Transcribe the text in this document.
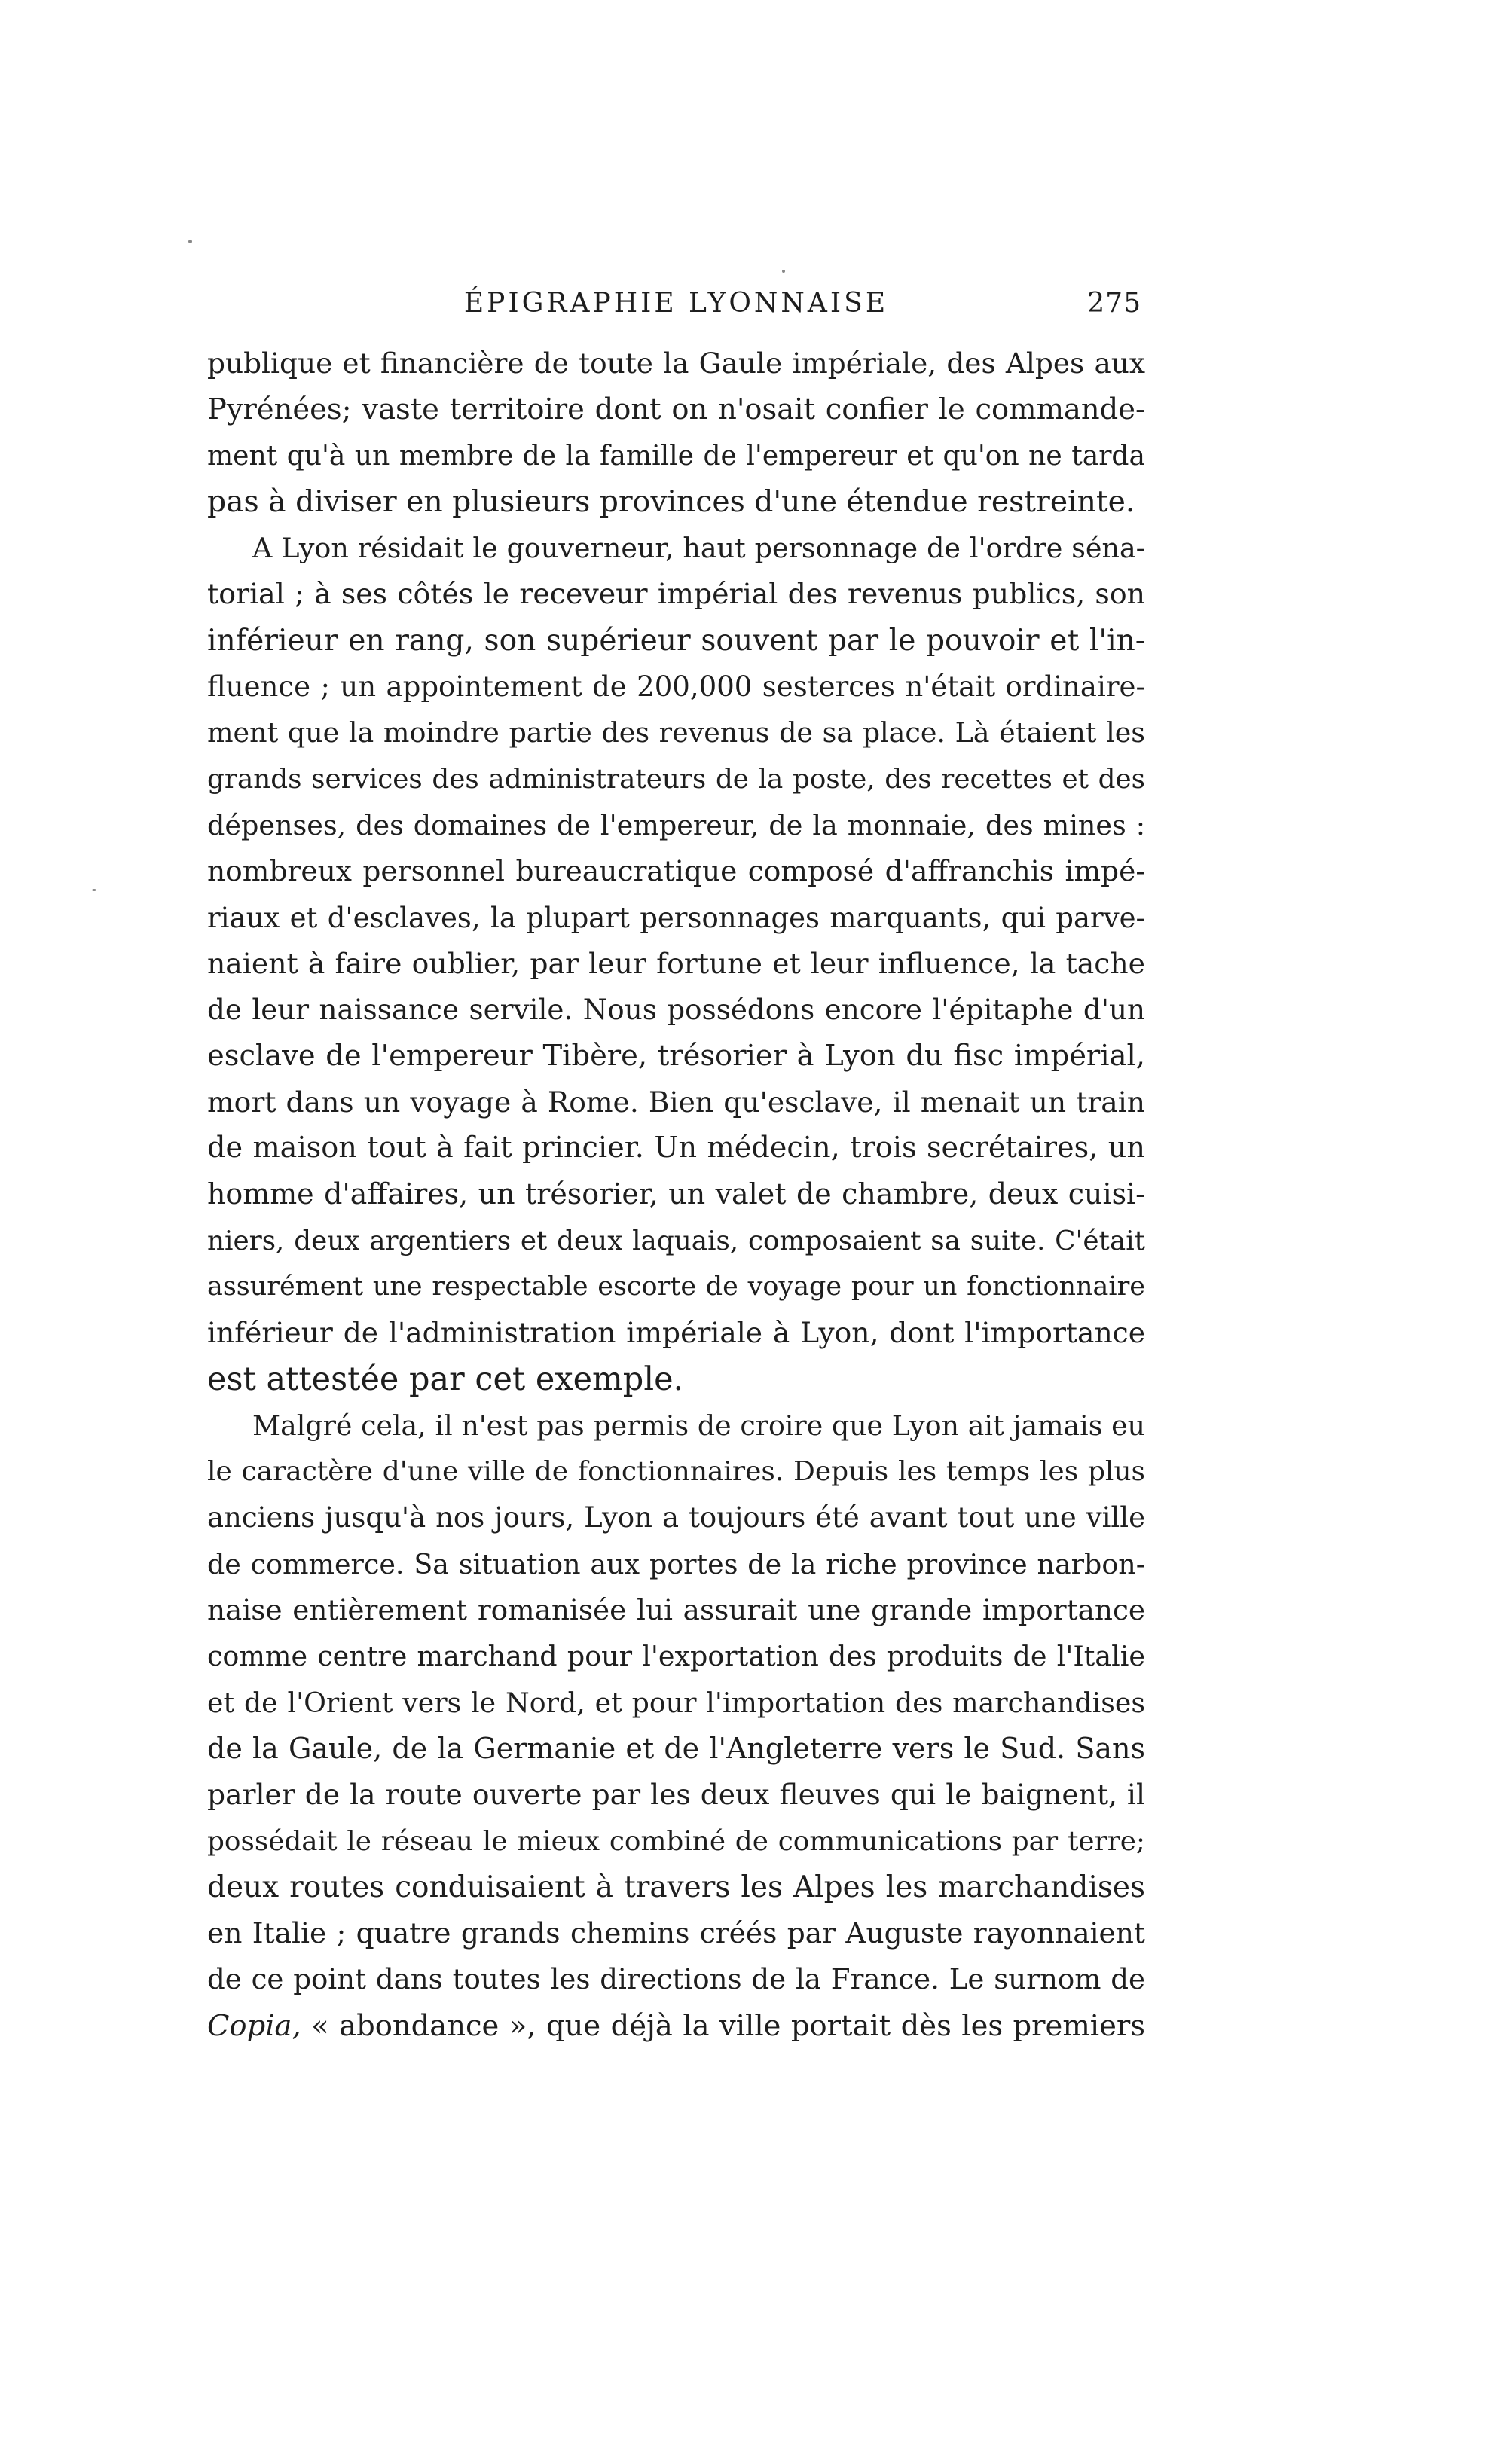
ÉPIGRAPHIE LYONNAISE	275
publique et financière de toute la Gaule impériale, des Alpes aux
Pyrénées; vaste territoire dont on n'osait confier le commande-
ment qu'à un membre de la famille de l'empereur et qu'on ne tarda
pas à diviser en plusieurs provinces d'une étendue restreinte.
A Lyon résidait le gouverneur, haut personnage de l'ordre séna-
torial ; à ses côtés le receveur impérial des revenus publics, son
inférieur en rang, son supérieur souvent par le pouvoir et l'in-
fluence ; un appointement de 200,000 sesterces n'était ordinaire-
ment que la moindre partie des revenus de sa place. Là étaient les
grands services des administrateurs de la poste, des recettes et des
dépenses, des domaines de l'empereur, de la monnaie, des mines :
nombreux personnel bureaucratique composé d'affranchis impé-
riaux et d'esclaves, la plupart personnages marquants, qui parve-
naient à faire oublier, par leur fortune et leur influence, la tache
de leur naissance servile. Nous possédons encore l'épitaphe d'un
esclave de l'empereur Tibère, trésorier à Lyon du fisc impérial,
mort dans un voyage à Rome. Bien qu'esclave, il menait un train
de maison tout à fait princier. Un médecin, trois secrétaires, un
homme d'affaires, un trésorier, un valet de chambre, deux cuisi-
niers, deux argentiers et deux laquais, composaient sa suite. C'était
assurément une respectable escorte de voyage pour un fonctionnaire
inférieur de l'administration impériale à Lyon, dont l'importance
est attestée par cet exemple.
Malgré cela, il n'est pas permis de croire que Lyon ait jamais eu
le caractère d'une ville de fonctionnaires. Depuis les temps les plus
anciens jusqu'à nos jours, Lyon a toujours été avant tout une ville
de commerce. Sa situation aux portes de la riche province narbon-
naise entièrement romanisée lui assurait une grande importance
comme centre marchand pour l'exportation des produits de l'Italie
et de l'Orient vers le Nord, et pour l'importation des marchandises
de la Gaule, de la Germanie et de l'Angleterre vers le Sud. Sans
parler de la route ouverte par les deux fleuves qui le baignent, il
possédait le réseau le mieux combiné de communications par terre;
deux routes conduisaient à travers les Alpes les marchandises
en Italie ; quatre grands chemins créés par Auguste rayonnaient
de ce point dans toutes les directions de la France. Le surnom de
Copia, « abondance », que déjà la ville portait dès les premiers
